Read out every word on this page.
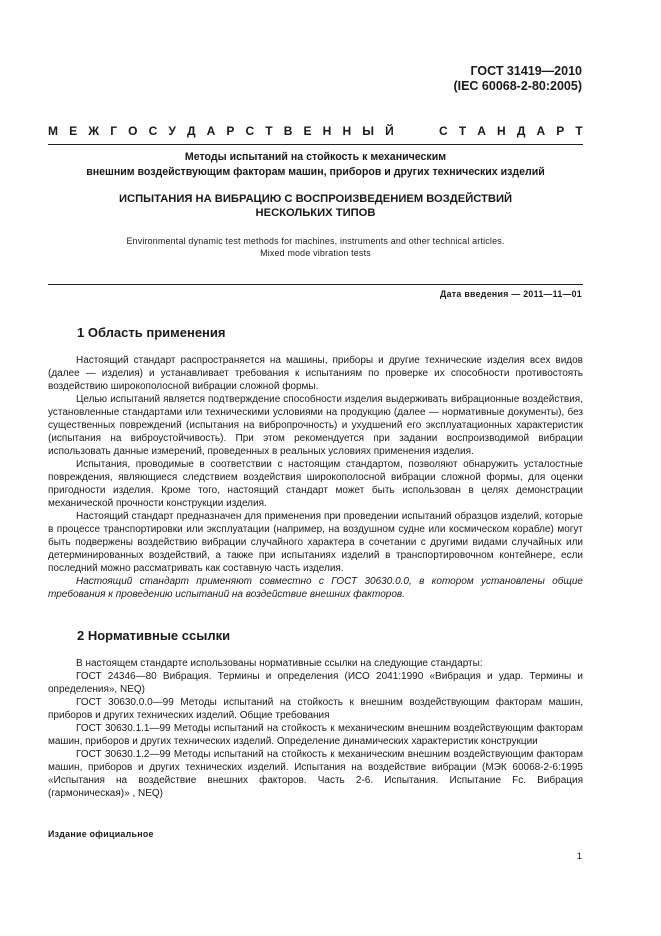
ГОСТ 31419—2010
(IEC 60068-2-80:2005)
М Е Ж Г О С У Д А Р С Т В Е Н Н Ы Й	С Т А Н Д А Р Т
Методы испытаний на стойкость к механическим
внешним воздействующим факторам машин, приборов и других технических изделий
ИСПЫТАНИЯ НА ВИБРАЦИЮ С ВОСПРОИЗВЕДЕНИЕМ ВОЗДЕЙСТВИЙ
НЕСКОЛЬКИХ ТИПОВ
Environmental dynamic test methods for machines, instruments and other technical articles.
Mixed mode vibration tests
Дата введения — 2011—11—01
1 Область применения

Настоящий стандарт распространяется на машины, приборы и другие технические изделия всех видов (далее — изделия) и устанавливает требования к испытаниям по проверке их способности противостоять воздействию широкополосной вибрации сложной формы.

Целью испытаний является подтверждение способности изделия выдерживать вибрационные воздействия, установленные стандартами или техническими условиями на продукцию (далее — нормативные документы), без существенных повреждений (испытания на вибропрочность) и ухудшений его эксплуатационных характеристик (испытания на виброустойчивость). При этом рекомендуется при задании воспроизводимой вибрации использовать данные измерений, проведенных в реальных условиях применения изделия.

Испытания, проводимые в соответствии с настоящим стандартом, позволяют обнаружить усталостные повреждения, являющиеся следствием воздействия широкополосной вибрации сложной формы, для оценки пригодности изделия. Кроме того, настоящий стандарт может быть использован в целях демонстрации механической прочности конструкции изделия.

Настоящий стандарт предназначен для применения при проведении испытаний образцов изделий, которые в процессе транспортировки или эксплуатации (например, на воздушном судне или космическом корабле) могут быть подвержены воздействию вибрации случайного характера в сочетании с другими видами случайных или детерминированных воздействий, а также при испытаниях изделий в транспортировочном контейнере, если последний можно рассматривать как составную часть изделия.

Настоящий стандарт применяют совместно с ГОСТ 30630.0.0, в котором установлены общие требования к проведению испытаний на воздействие внешних факторов.

2 Нормативные ссылки

В настоящем стандарте использованы нормативные ссылки на следующие стандарты:

ГОСТ 24346—80 Вибрация. Термины и определения (ИСО 2041:1990 «Вибрация и удар. Термины и определения», NEQ)

ГОСТ 30630.0.0—99 Методы испытаний на стойкость к внешним воздействующим факторам машин, приборов и других технических изделий. Общие требования

ГОСТ 30630.1.1—99 Методы испытаний на стойкость к механическим внешним воздействующим факторам машин, приборов и других технических изделий. Определение динамических характеристик конструкции

ГОСТ 30630.1.2—99 Методы испытаний на стойкость к механическим внешним воздействующим факторам машин, приборов и других технических изделий. Испытания на воздействие вибрации (МЭК 60068-2-6:1995 «Испытания на воздействие внешних факторов. Часть 2-6. Испытания. Испытание Fc. Вибрация (гармоническая)» , NEQ)

Издание официальное
1
